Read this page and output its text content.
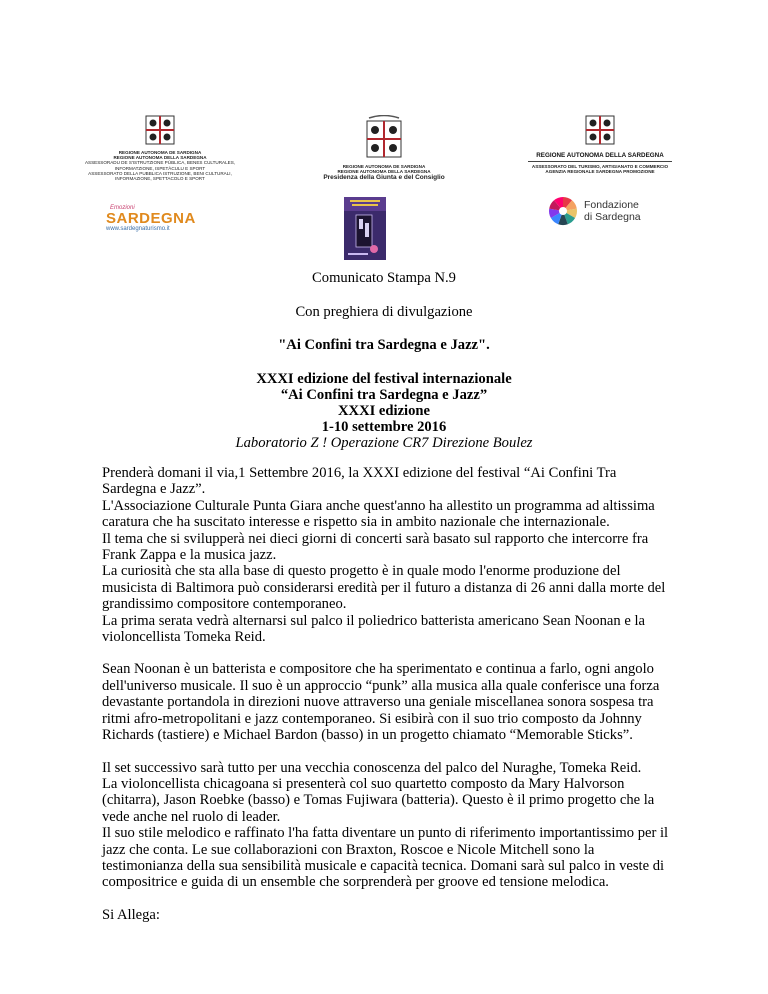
REGIONE AUTONOMA DE SARDIGNA
REGIONE AUTONOMA DELLA SARDEGNA
ASSESSORADU DE S'ISTRUTZIONE PÙBLICA, BENES CULTURALES,
INFORMATZIONE, ISPETÀCULU E SPORT
ASSESSORATO DELLA PUBBLICA ISTRUZIONE, BENI CULTURALI,
INFORMAZIONE, SPETTACOLO E SPORT
REGIONE AUTONOMA DE SARDIGNA
REGIONE AUTONOMA DELLA SARDEGNA
Presidenza della Giunta e del Consiglio
REGIONE AUTONOMA DELLA SARDEGNA
ASSESSORATO DEL TURISMO, ARTIGIANATO E COMMERCIO
AGENZIA REGIONALE SARDEGNA PROMOZIONE
Emozioni
SARDEGNA
www.sardegnaturismo.it
Fondazione
di Sardegna
Comunicato Stampa N.9
Con preghiera di divulgazione
"Ai Confini tra Sardegna e Jazz".
XXXI edizione del festival internazionale
“Ai Confini tra Sardegna e Jazz”
XXXI edizione
1-10 settembre 2016
Laboratorio Z ! Operazione CR7 Direzione Boulez

Prenderà domani il via,1 Settembre 2016, la XXXI edizione del festival “Ai Confini Tra Sardegna e Jazz”.
L'Associazione Culturale Punta Giara anche quest'anno ha allestito un programma ad altissima caratura che ha suscitato interesse e rispetto sia in ambito nazionale che internazionale.
Il tema che si svilupperà nei dieci giorni di concerti sarà basato sul rapporto che intercorre fra Frank Zappa e la musica jazz.
La curiosità che sta alla base di questo progetto è in quale modo l'enorme produzione del musicista di Baltimora può considerarsi eredità per il futuro a distanza di 26 anni dalla morte del grandissimo compositore contemporaneo.
La prima serata vedrà alternarsi sul palco il poliedrico batterista americano Sean Noonan e la violoncellista Tomeka Reid.

Sean Noonan è un batterista e compositore che ha sperimentato e continua a farlo, ogni angolo dell'universo musicale. Il suo è un approccio “punk” alla musica alla quale conferisce una forza devastante portandola in direzioni nuove attraverso una geniale miscellanea sonora sospesa tra ritmi afro-metropolitani e jazz contemporaneo. Si esibirà con il suo trio composto da Johnny Richards (tastiere) e Michael Bardon (basso) in un progetto chiamato “Memorable Sticks”.

Il set successivo sarà tutto per una vecchia conoscenza del palco del Nuraghe, Tomeka Reid.
La violoncellista chicagoana si presenterà col suo quartetto composto da Mary Halvorson (chitarra), Jason Roebke (basso) e Tomas Fujiwara (batteria). Questo è il primo progetto che la vede anche nel ruolo di leader.
Il suo stile melodico e raffinato l'ha fatta diventare un punto di riferimento importantissimo per il jazz che conta. Le sue collaborazioni con Braxton, Roscoe e Nicole Mitchell sono la testimonianza della sua sensibilità musicale e capacità tecnica. Domani sarà sul palco in veste di compositrice e guida di un ensemble che sorprenderà per groove ed tensione melodica.

Si Allega:
